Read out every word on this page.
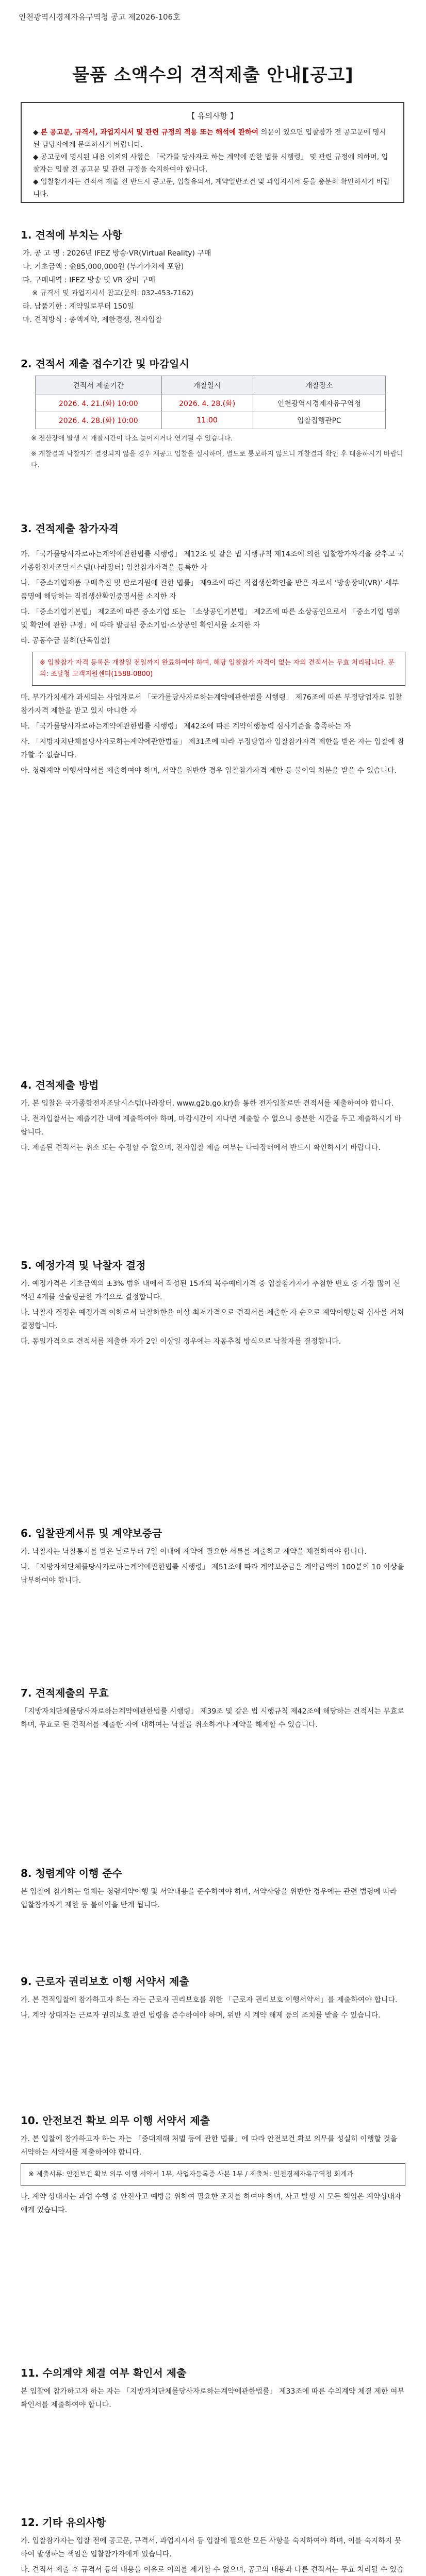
인천광역시경제자유구역청 공고 제2026-106호
물품 소액수의 견적제출 안내[공고]
【 유의사항 】
◆ 본 공고문, 규격서, 과업지시서 및 관련 규정의 적용 또는 해석에 관하여 의문이 있으면 입찰참가 전 공고문에 명시된 담당자에게 문의하시기 바랍니다.
◆ 공고문에 명시된 내용 이외의 사항은 「국가를 당사자로 하는 계약에 관한 법률 시행령」 및 관련 규정에 의하며, 입찰자는 입찰 전 공고문 및 관련 규정을 숙지하여야 합니다.
◆ 입찰참가자는 견적서 제출 전 반드시 공고문, 입찰유의서, 계약일반조건 및 과업지시서 등을 충분히 확인하시기 바랍니다.
1. 견적에 부치는 사항
가. 공 고 명 : 2026년 IFEZ 방송·VR(Virtual Reality) 구매
나. 기초금액 : 金85,000,000원 (부가가치세 포함)
다. 구매내역 : IFEZ 방송 및 VR 장비 구매
※ 규격서 및 과업지시서 참고(문의: 032-453-7162)
라. 납품기한 : 계약일로부터 150일
마. 견적방식 : 총액계약, 제한경쟁, 전자입찰
2. 견적서 제출 접수기간 및 마감일시
견적서 제출기간	개찰일시	개찰장소
2026. 4. 21.(화) 10:00	2026. 4. 28.(화)	인천광역시경제자유구역청
2026. 4. 28.(화) 10:00	11:00	입찰집행관PC
※ 전산장애 발생 시 개찰시간이 다소 늦어지거나 연기될 수 있습니다.
※ 개찰결과 낙찰자가 결정되지 않을 경우 재공고 입찰을 실시하며, 별도로 통보하지 않으니 개찰결과 확인 후 대응하시기 바랍니다.
3. 견적제출 참가자격
가. 「국가를당사자로하는계약에관한법률 시행령」 제12조 및 같은 법 시행규칙 제14조에 의한 입찰참가자격을 갖추고 국가종합전자조달시스템(나라장터) 입찰참가자격을 등록한 자
나. 「중소기업제품 구매촉진 및 판로지원에 관한 법률」 제9조에 따른 직접생산확인을 받은 자로서 ‘방송장비(VR)’ 세부품명에 해당하는 직접생산확인증명서를 소지한 자
다. 「중소기업기본법」 제2조에 따른 중소기업 또는 「소상공인기본법」 제2조에 따른 소상공인으로서 「중소기업 범위 및 확인에 관한 규정」에 따라 발급된 중소기업·소상공인 확인서를 소지한 자
라. 공동수급 불허(단독입찰)
※ 입찰참가 자격 등록은 개찰일 전일까지 완료하여야 하며, 해당 입찰참가 자격이 없는 자의 견적서는 무효 처리됩니다. 문의: 조달청 고객지원센터(1588-0800)
마. 부가가치세가 과세되는 사업자로서 「국가를당사자로하는계약에관한법률 시행령」 제76조에 따른 부정당업자로 입찰참가자격 제한을 받고 있지 아니한 자
바. 「국가를당사자로하는계약에관한법률 시행령」 제42조에 따른 계약이행능력 심사기준을 충족하는 자
사. 「지방자치단체를당사자로하는계약에관한법률」 제31조에 따라 부정당업자 입찰참가자격 제한을 받은 자는 입찰에 참가할 수 없습니다.
아. 청렴계약 이행서약서를 제출하여야 하며, 서약을 위반한 경우 입찰참가자격 제한 등 불이익 처분을 받을 수 있습니다.
4. 견적제출 방법
가. 본 입찰은 국가종합전자조달시스템(나라장터, www.g2b.go.kr)을 통한 전자입찰로만 견적서를 제출하여야 합니다.
나. 전자입찰서는 제출기간 내에 제출하여야 하며, 마감시간이 지나면 제출할 수 없으니 충분한 시간을 두고 제출하시기 바랍니다.
다. 제출된 견적서는 취소 또는 수정할 수 없으며, 전자입찰 제출 여부는 나라장터에서 반드시 확인하시기 바랍니다.
5. 예정가격 및 낙찰자 결정
가. 예정가격은 기초금액의 ±3% 범위 내에서 작성된 15개의 복수예비가격 중 입찰참가자가 추첨한 번호 중 가장 많이 선택된 4개를 산술평균한 가격으로 결정합니다.
나. 낙찰자 결정은 예정가격 이하로서 낙찰하한율 이상 최저가격으로 견적서를 제출한 자 순으로 계약이행능력 심사를 거쳐 결정합니다.
다. 동일가격으로 견적서를 제출한 자가 2인 이상일 경우에는 자동추첨 방식으로 낙찰자를 결정합니다.
6. 입찰관계서류 및 계약보증금
가. 낙찰자는 낙찰통지를 받은 날로부터 7일 이내에 계약에 필요한 서류를 제출하고 계약을 체결하여야 합니다.
나. 「지방자치단체를당사자로하는계약에관한법률 시행령」 제51조에 따라 계약보증금은 계약금액의 100분의 10 이상을 납부하여야 합니다.
7. 견적제출의 무효
「지방자치단체를당사자로하는계약에관한법률 시행령」 제39조 및 같은 법 시행규칙 제42조에 해당하는 견적서는 무효로 하며, 무효로 된 견적서를 제출한 자에 대하여는 낙찰을 취소하거나 계약을 해제할 수 있습니다.
8. 청렴계약 이행 준수
본 입찰에 참가하는 업체는 청렴계약이행 및 서약내용을 준수하여야 하며, 서약사항을 위반한 경우에는 관련 법령에 따라 입찰참가자격 제한 등 불이익을 받게 됩니다.
9. 근로자 권리보호 이행 서약서 제출
가. 본 견적입찰에 참가하고자 하는 자는 근로자 권리보호를 위한 「근로자 권리보호 이행서약서」를 제출하여야 합니다.
나. 계약 상대자는 근로자 권리보호 관련 법령을 준수하여야 하며, 위반 시 계약 해제 등의 조치를 받을 수 있습니다.
10. 안전보건 확보 의무 이행 서약서 제출
가. 본 입찰에 참가하고자 하는 자는 「중대재해 처벌 등에 관한 법률」에 따라 안전보건 확보 의무를 성실히 이행할 것을 서약하는 서약서를 제출하여야 합니다.
※ 제출서류: 안전보건 확보 의무 이행 서약서 1부, 사업자등록증 사본 1부 / 제출처: 인천경제자유구역청 회계과
나. 계약 상대자는 과업 수행 중 안전사고 예방을 위하여 필요한 조치를 하여야 하며, 사고 발생 시 모든 책임은 계약상대자에게 있습니다.
11. 수의계약 체결 여부 확인서 제출
본 입찰에 참가하고자 하는 자는 「지방자치단체를당사자로하는계약에관한법률」 제33조에 따른 수의계약 체결 제한 여부 확인서를 제출하여야 합니다.
12. 기타 유의사항
가. 입찰참가자는 입찰 전에 공고문, 규격서, 과업지시서 등 입찰에 필요한 모든 사항을 숙지하여야 하며, 이를 숙지하지 못하여 발생하는 책임은 입찰참가자에게 있습니다.
나. 견적서 제출 후 규격서 등의 내용을 이유로 이의를 제기할 수 없으며, 공고의 내용과 다른 견적서는 무효 처리될 수 있습
